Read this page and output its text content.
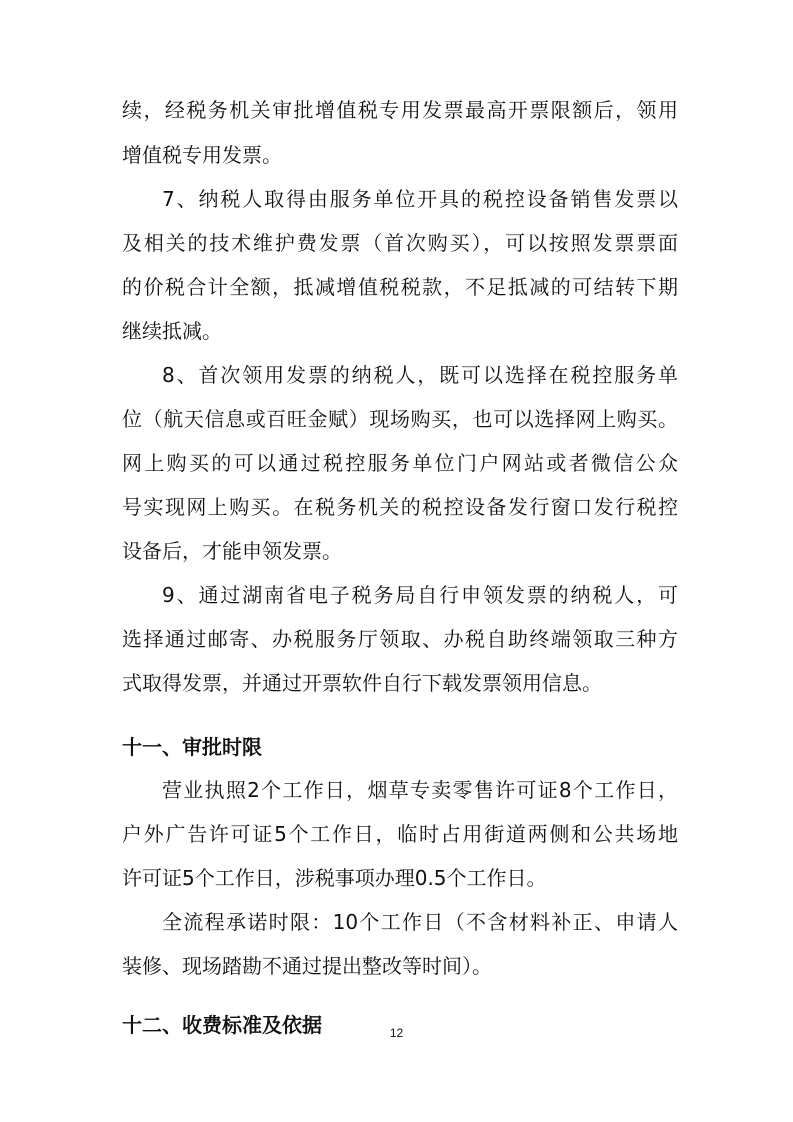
续，经税务机关审批增值税专用发票最高开票限额后，领用
增值税专用发票。
7、纳税人取得由服务单位开具的税控设备销售发票以
及相关的技术维护费发票（首次购买），可以按照发票票面
的价税合计全额，抵减增值税税款，不足抵减的可结转下期
继续抵减。
8、首次领用发票的纳税人，既可以选择在税控服务单
位（航天信息或百旺金赋）现场购买，也可以选择网上购买。
网上购买的可以通过税控服务单位门户网站或者微信公众
号实现网上购买。在税务机关的税控设备发行窗口发行税控
设备后，才能申领发票。
9、通过湖南省电子税务局自行申领发票的纳税人，可
选择通过邮寄、办税服务厅领取、办税自助终端领取三种方
式取得发票，并通过开票软件自行下载发票领用信息。
十一、审批时限
营业执照2个工作日，烟草专卖零售许可证8个工作日，
户外广告许可证5个工作日，临时占用街道两侧和公共场地
许可证5个工作日，涉税事项办理0.5个工作日。
全流程承诺时限：10个工作日（不含材料补正、申请人
装修、现场踏勘不通过提出整改等时间）。
十二、收费标准及依据	12
